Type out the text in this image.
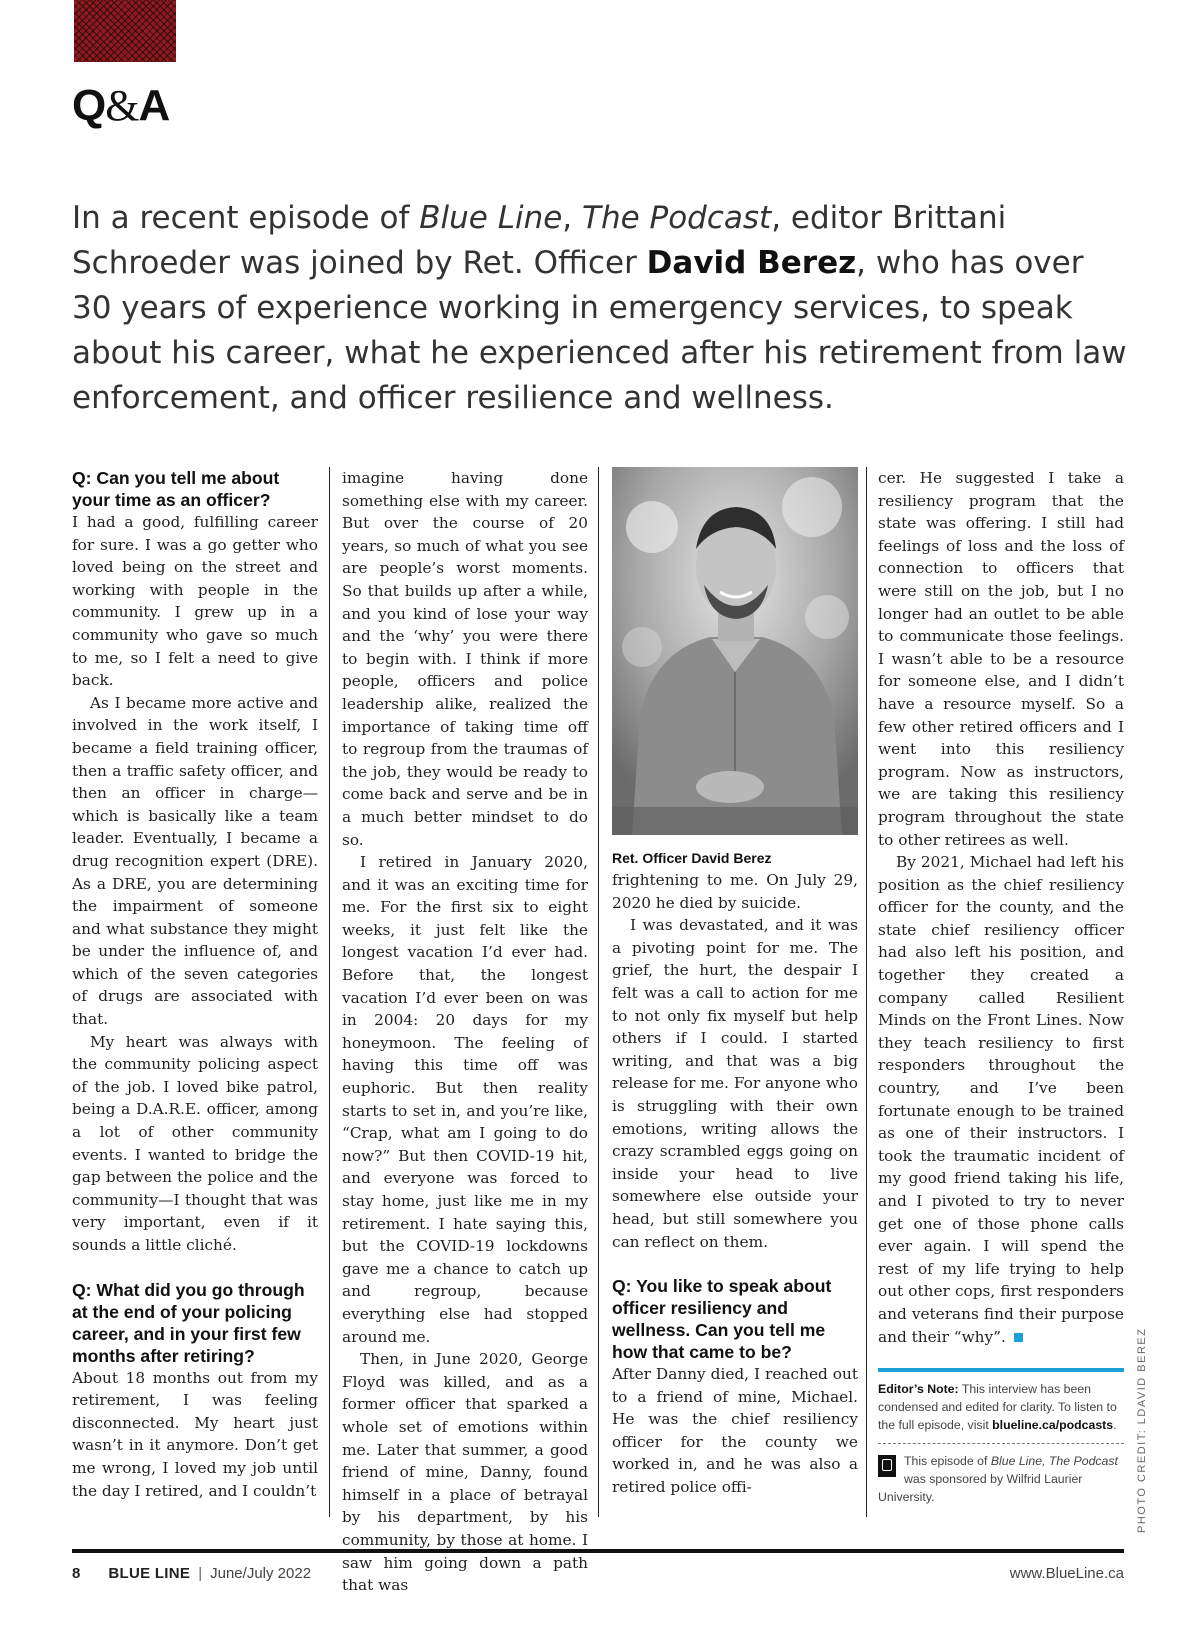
Q&A
In a recent episode of Blue Line, The Podcast, editor Brittani Schroeder was joined by Ret. Officer David Berez, who has over 30 years of experience working in emergency services, to speak about his career, what he experienced after his retirement from law enforcement, and officer resilience and wellness.
Q: Can you tell me about your time as an officer?

I had a good, fulfilling career for sure. I was a go getter who loved being on the street and working with people in the community. I grew up in a community who gave so much to me, so I felt a need to give back.

As I became more active and involved in the work itself, I became a field training officer, then a traffic safety officer, and then an officer in charge—which is basically like a team leader. Eventually, I became a drug recognition expert (DRE). As a DRE, you are determining the impairment of someone and what substance they might be under the influence of, and which of the seven categories of drugs are associated with that.

My heart was always with the community policing aspect of the job. I loved bike patrol, being a D.A.R.E. officer, among a lot of other community events. I wanted to bridge the gap between the police and the community—I thought that was very important, even if it sounds a little cliché.

Q: What did you go through at the end of your policing career, and in your first few months after retiring?

About 18 months out from my retirement, I was feeling disconnected. My heart just wasn’t in it anymore. Don’t get me wrong, I loved my job until the day I retired, and I couldn’t

imagine having done something else with my career. But over the course of 20 years, so much of what you see are people’s worst moments. So that builds up after a while, and you kind of lose your way and the ‘why’ you were there to begin with. I think if more people, officers and police leadership alike, realized the importance of taking time off to regroup from the traumas of the job, they would be ready to come back and serve and be in a much better mindset to do so.

I retired in January 2020, and it was an exciting time for me. For the first six to eight weeks, it just felt like the longest vacation I’d ever had. Before that, the longest vacation I’d ever been on was in 2004: 20 days for my honeymoon. The feeling of having this time off was euphoric. But then reality starts to set in, and you’re like, “Crap, what am I going to do now?” But then COVID-19 hit, and everyone was forced to stay home, just like me in my retirement. I hate saying this, but the COVID-19 lockdowns gave me a chance to catch up and regroup, because everything else had stopped around me.

Then, in June 2020, George Floyd was killed, and as a former officer that sparked a whole set of emotions within me. Later that summer, a good friend of mine, Danny, found himself in a place of betrayal by his department, by his community, by those at home. I saw him going down a path that was

Ret. Officer David Berez

frightening to me. On July 29, 2020 he died by suicide.

I was devastated, and it was a pivoting point for me. The grief, the hurt, the despair I felt was a call to action for me to not only fix myself but help others if I could. I started writing, and that was a big release for me. For anyone who is struggling with their own emotions, writing allows the crazy scrambled eggs going on inside your head to live somewhere else outside your head, but still somewhere you can reflect on them.

Q: You like to speak about officer resiliency and wellness. Can you tell me how that came to be?

After Danny died, I reached out to a friend of mine, Michael. He was the chief resiliency officer for the county we worked in, and he was also a retired police offi-

cer. He suggested I take a resiliency program that the state was offering. I still had feelings of loss and the loss of connection to officers that were still on the job, but I no longer had an outlet to be able to communicate those feelings. I wasn’t able to be a resource for someone else, and I didn’t have a resource myself. So a few other retired officers and I went into this resiliency program. Now as instructors, we are taking this resiliency program throughout the state to other retirees as well.

By 2021, Michael had left his position as the chief resiliency officer for the county, and the state chief resiliency officer had also left his position, and together they created a company called Resilient Minds on the Front Lines. Now they teach resiliency to first responders throughout the country, and I’ve been fortunate enough to be trained as one of their instructors. I took the traumatic incident of my good friend taking his life, and I pivoted to try to never get one of those phone calls ever again. I will spend the rest of my life trying to help out other cops, first responders and veterans find their purpose and their “why”.

Editor’s Note: This interview has been condensed and edited for clarity. To listen to the full episode, visit blueline.ca/podcasts.
This episode of Blue Line, The Podcast was sponsored by Wilfrid Laurier University.	PHOTO CREDIT: LDAVID BEREZ
8 BLUE LINE | June/July 2022	www.BlueLine.ca
